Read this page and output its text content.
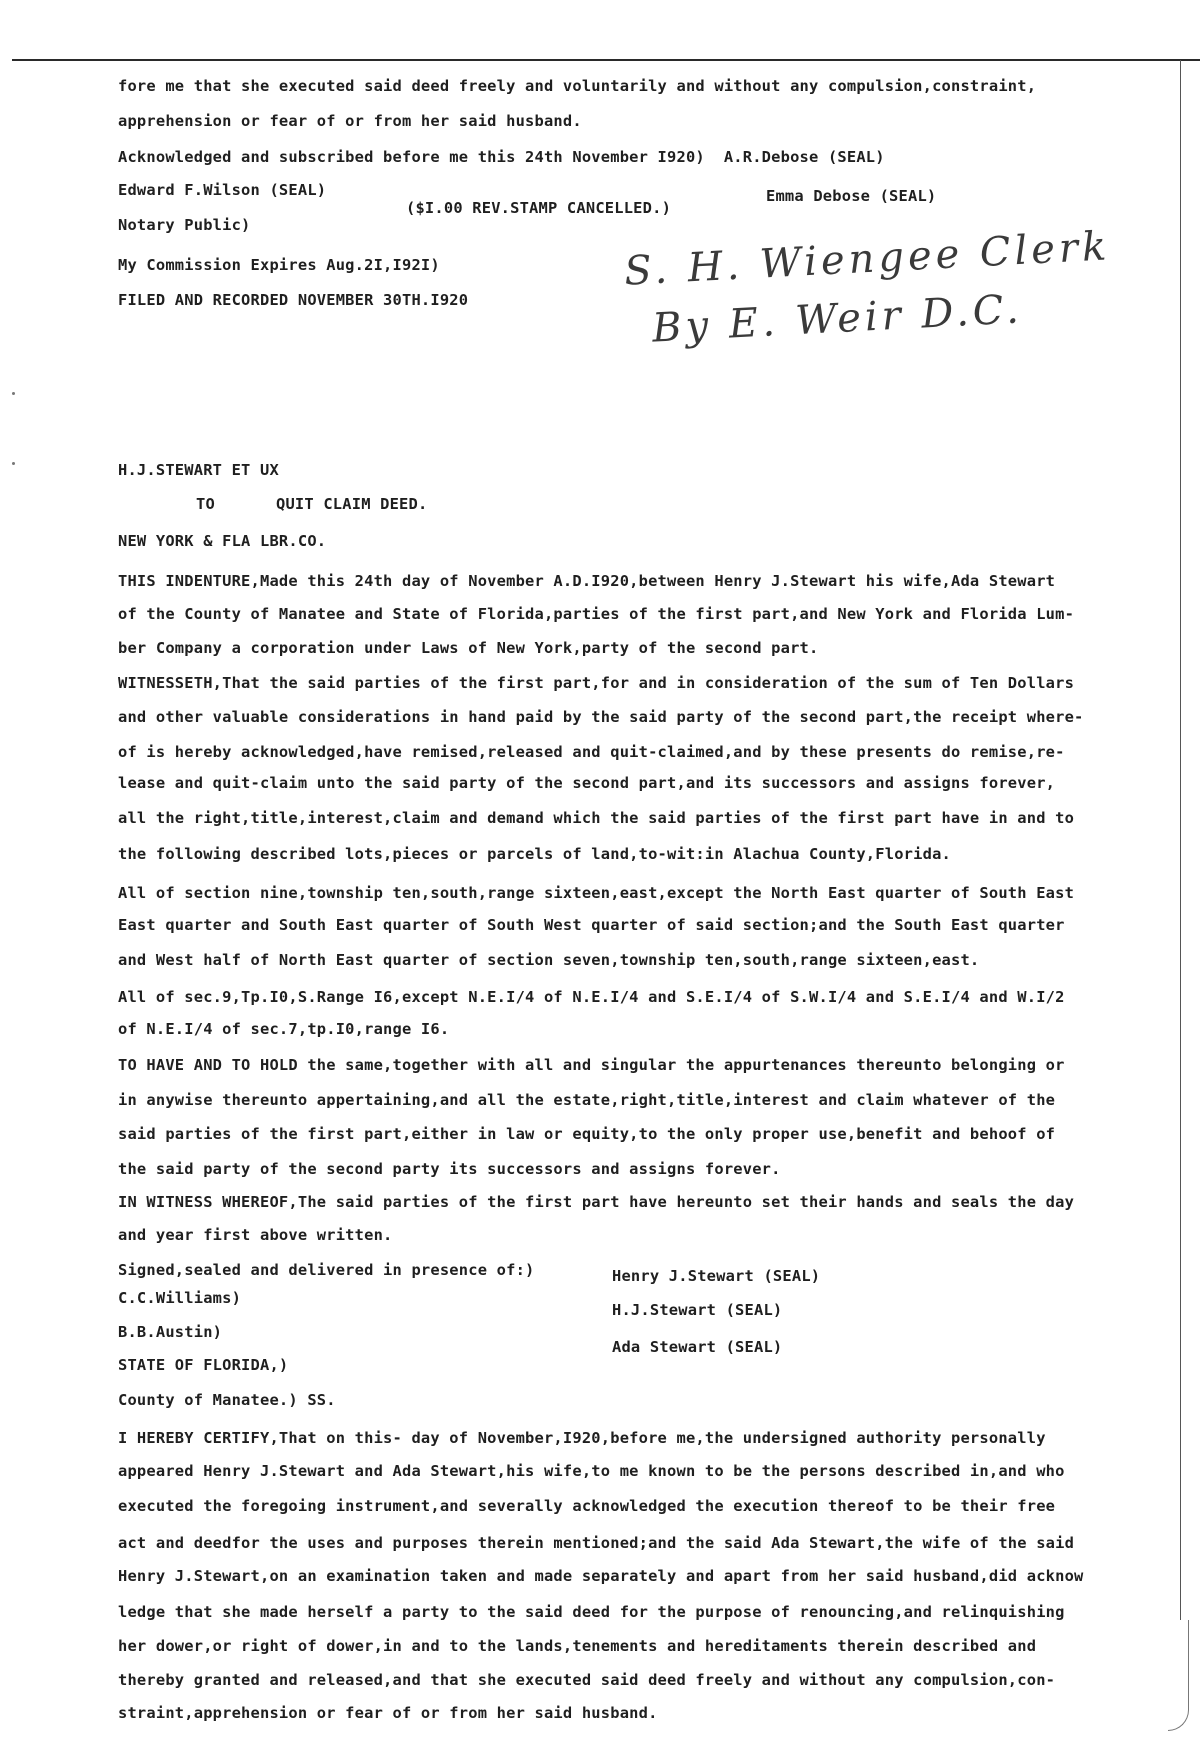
fore me that she executed said deed freely and voluntarily and without any compulsion,constraint,
apprehension or fear of or from her said husband.
Acknowledged and subscribed before me this 24th November I920)  A.R.Debose (SEAL)
Edward F.Wilson (SEAL)	Emma Debose (SEAL)
($I.00 REV.STAMP CANCELLED.)
Notary Public)
My Commission Expires Aug.2I,I92I)
FILED AND RECORDED NOVEMBER 30TH.I920
S. H. Wiengee Clerk
By E. Weir D.C.
H.J.STEWART ET UX
TO	QUIT CLAIM DEED.
NEW YORK & FLA LBR.CO.
THIS INDENTURE,Made this 24th day of November A.D.I920,between Henry J.Stewart his wife,Ada Stewart
of the County of Manatee and State of Florida,parties of the first part,and New York and Florida Lum-
ber Company a corporation under Laws of New York,party of the second part.
WITNESSETH,That the said parties of the first part,for and in consideration of the sum of Ten Dollars
and other valuable considerations in hand paid by the said party of the second part,the receipt where-
of is hereby acknowledged,have remised,released and quit-claimed,and by these presents do remise,re-
lease and quit-claim unto the said party of the second part,and its successors and assigns forever,
all the right,title,interest,claim and demand which the said parties of the first part have in and to
the following described lots,pieces or parcels of land,to-wit:in Alachua County,Florida.
All of section nine,township ten,south,range sixteen,east,except the North East quarter of South East
East quarter and South East quarter of South West quarter of said section;and the South East quarter
and West half of North East quarter of section seven,township ten,south,range sixteen,east.
All of sec.9,Tp.I0,S.Range I6,except N.E.I/4 of N.E.I/4 and S.E.I/4 of S.W.I/4 and S.E.I/4 and W.I/2
of N.E.I/4 of sec.7,tp.I0,range I6.
TO HAVE AND TO HOLD the same,together with all and singular the appurtenances thereunto belonging or
in anywise thereunto appertaining,and all the estate,right,title,interest and claim whatever of the
said parties of the first part,either in law or equity,to the only proper use,benefit and behoof of
the said party of the second party its successors and assigns forever.
IN WITNESS WHEREOF,The said parties of the first part have hereunto set their hands and seals the day
and year first above written.
Signed,sealed and delivered in presence of:)
C.C.Williams)
B.B.Austin)
Henry J.Stewart (SEAL)
H.J.Stewart (SEAL)
Ada Stewart (SEAL)
STATE OF FLORIDA,)
County of Manatee.) SS.
I HEREBY CERTIFY,That on this- day of November,I920,before me,the undersigned authority personally
appeared Henry J.Stewart and Ada Stewart,his wife,to me known to be the persons described in,and who
executed the foregoing instrument,and severally acknowledged the execution thereof to be their free
act and deedfor the uses and purposes therein mentioned;and the said Ada Stewart,the wife of the said
Henry J.Stewart,on an examination taken and made separately and apart from her said husband,did acknow
ledge that she made herself a party to the said deed for the purpose of renouncing,and relinquishing
her dower,or right of dower,in and to the lands,tenements and hereditaments therein described and
thereby granted and released,and that she executed said deed freely and without any compulsion,con-
straint,apprehension or fear of or from her said husband.
